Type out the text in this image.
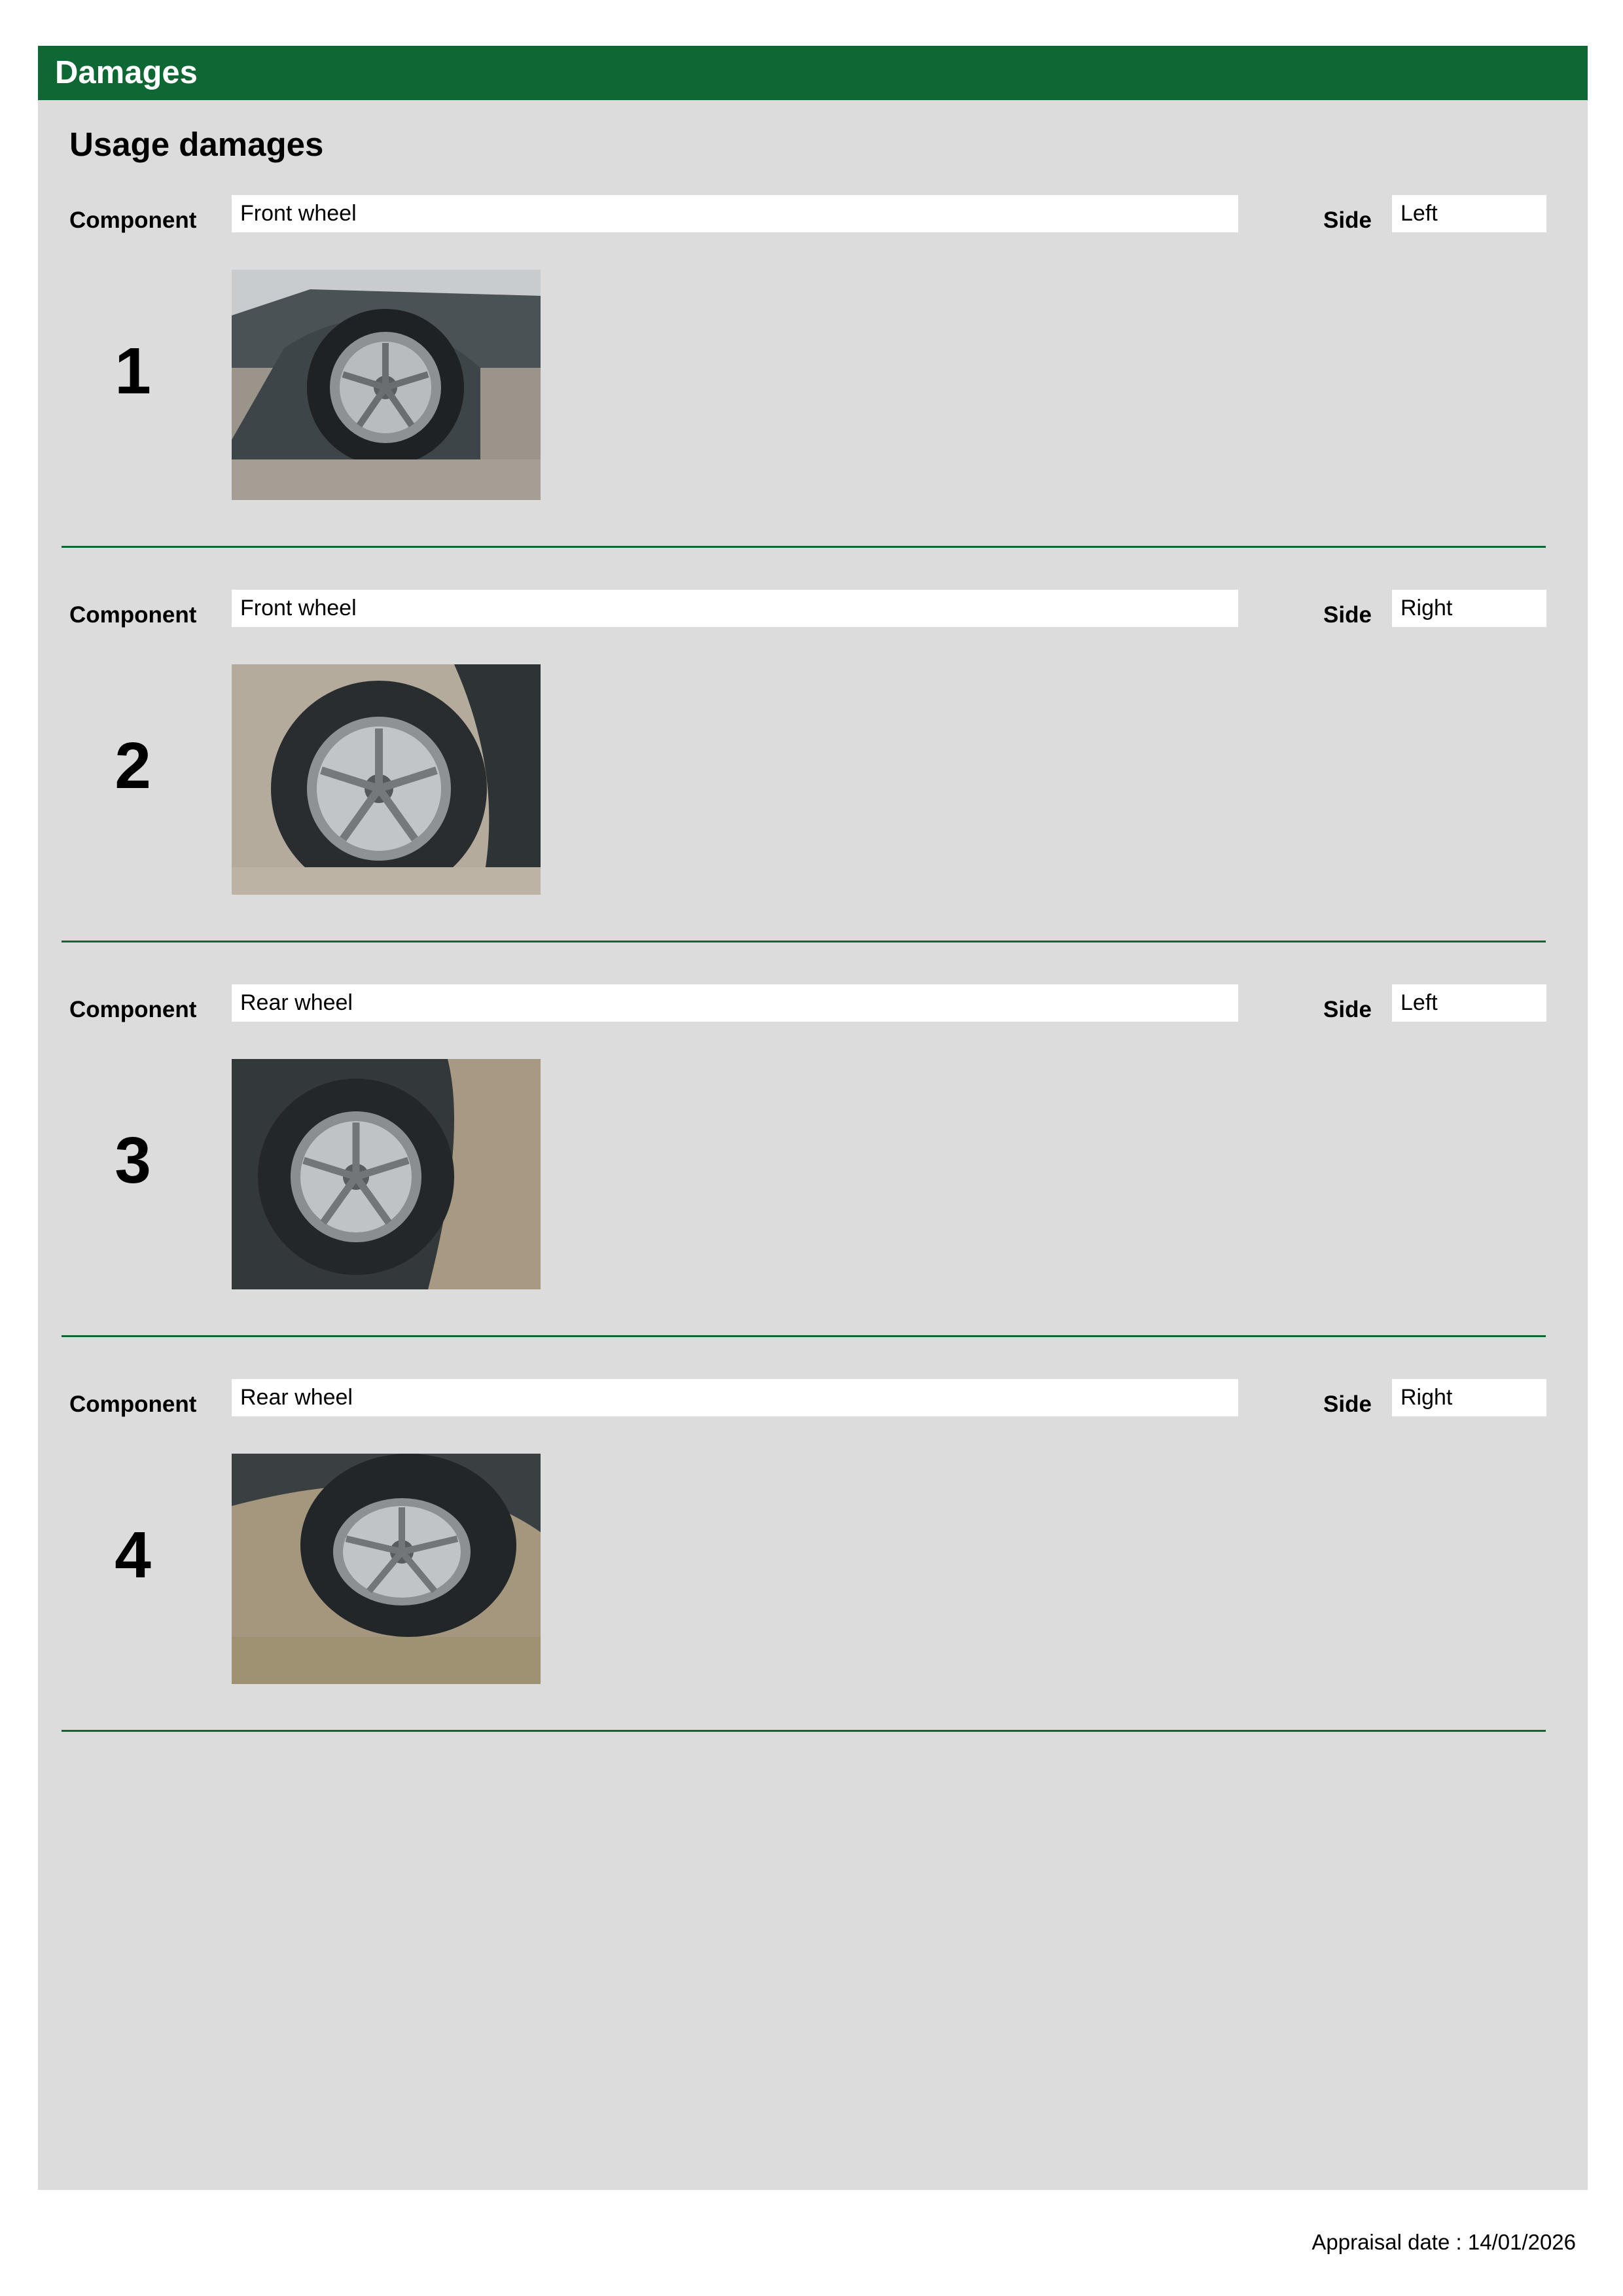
Damages
Usage damages
Component	Front wheel	Side	Left
1
Component	Front wheel	Side	Right
2
Component	Rear wheel	Side	Left
3
Component	Rear wheel	Side	Right
4
Appraisal date : 14/01/2026
